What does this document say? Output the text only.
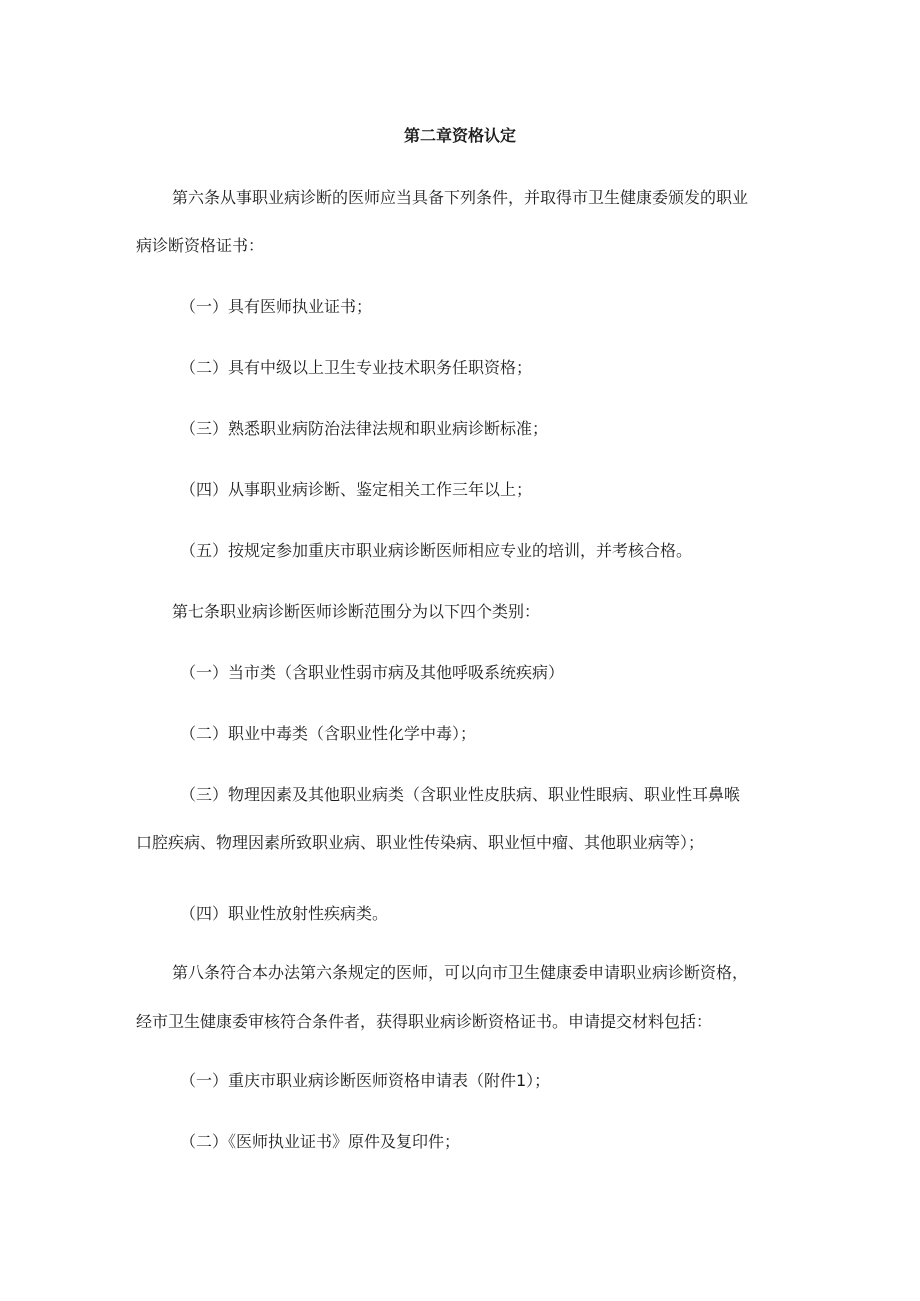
第二章资格认定
第六条从事职业病诊断的医师应当具备下列条件，并取得市卫生健康委颁发的职业
病诊断资格证书：
（一）具有医师执业证书；
（二）具有中级以上卫生专业技术职务任职资格；
（三）熟悉职业病防治法律法规和职业病诊断标准；
（四）从事职业病诊断、鉴定相关工作三年以上；
（五）按规定参加重庆市职业病诊断医师相应专业的培训，并考核合格。
第七条职业病诊断医师诊断范围分为以下四个类别：
（一）当市类（含职业性弱市病及其他呼吸系统疾病）
（二）职业中毒类（含职业性化学中毒）；
（三）物理因素及其他职业病类（含职业性皮肤病、职业性眼病、职业性耳鼻喉
口腔疾病、物理因素所致职业病、职业性传染病、职业恒中瘤、其他职业病等）；
（四）职业性放射性疾病类。
第八条符合本办法第六条规定的医师，可以向市卫生健康委申请职业病诊断资格，
经市卫生健康委审核符合条件者，获得职业病诊断资格证书。申请提交材料包括：
（一）重庆市职业病诊断医师资格申请表（附件1）；
（二）《医师执业证书》原件及复印件；
